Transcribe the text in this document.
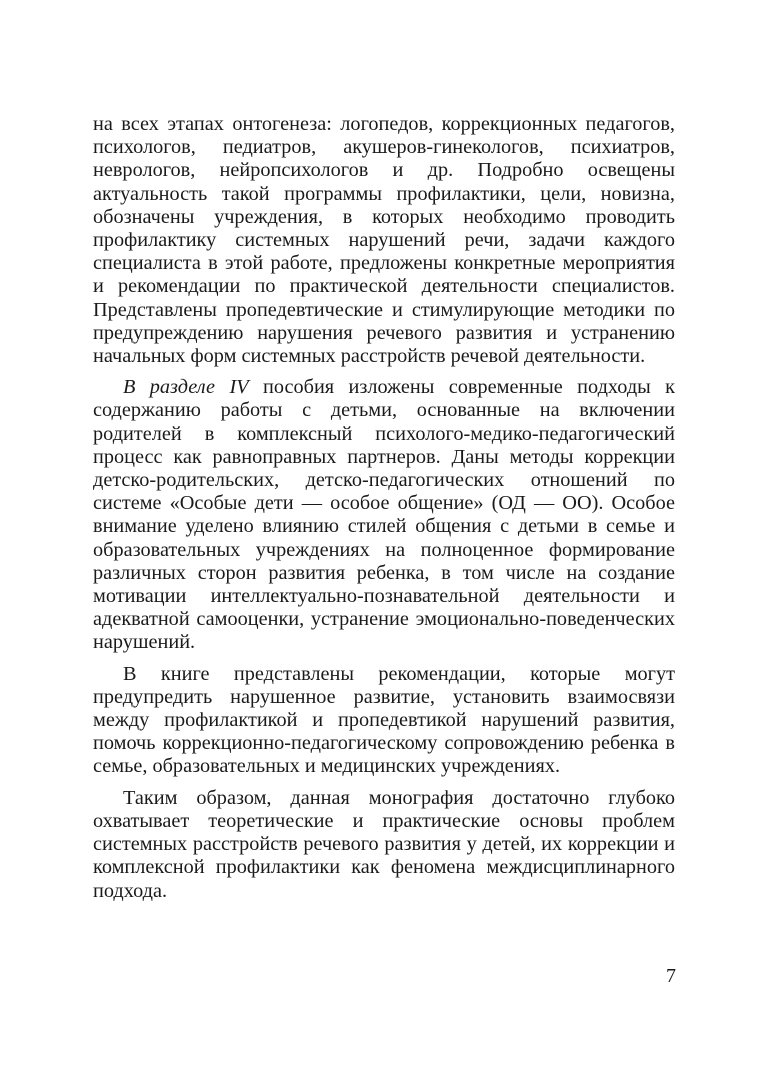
на всех этапах онтогенеза: логопедов, коррекционных педагогов, психологов, педиатров, акушеров-гинекологов, психиатров, неврологов, нейропсихологов и др. Подробно освещены актуальность такой программы профилактики, цели, новизна, обозначены учреждения, в которых необходимо проводить профилактику системных нарушений речи, задачи каждого специалиста в этой работе, предложены конкретные мероприятия и рекомендации по практической деятельности специалистов. Представлены пропедевтические и стимулирующие методики по предупреждению нарушения речевого развития и устранению начальных форм системных расстройств речевой деятельности.

В разделе IV пособия изложены современные подходы к содержанию работы с детьми, основанные на включении родителей в комплексный психолого-медико-педагогический процесс как равноправных партнеров. Даны методы коррекции детско-родительских, детско-педагогических отношений по системе «Особые дети — особое общение» (ОД — ОО). Особое внимание уделено влиянию стилей общения с детьми в семье и образовательных учреждениях на полноценное формирование различных сторон развития ребенка, в том числе на создание мотивации интеллектуально-познавательной деятельности и адекватной самооценки, устранение эмоционально-поведенческих нарушений.

В книге представлены рекомендации, которые могут предупредить нарушенное развитие, установить взаимосвязи между профилактикой и пропедевтикой нарушений развития, помочь коррекционно-педагогическому сопровождению ребенка в семье, образовательных и медицинских учреждениях.

Таким образом, данная монография достаточно глубоко охватывает теоретические и практические основы проблем системных расстройств речевого развития у детей, их коррекции и комплексной профилактики как феномена междисциплинарного подхода.

7
